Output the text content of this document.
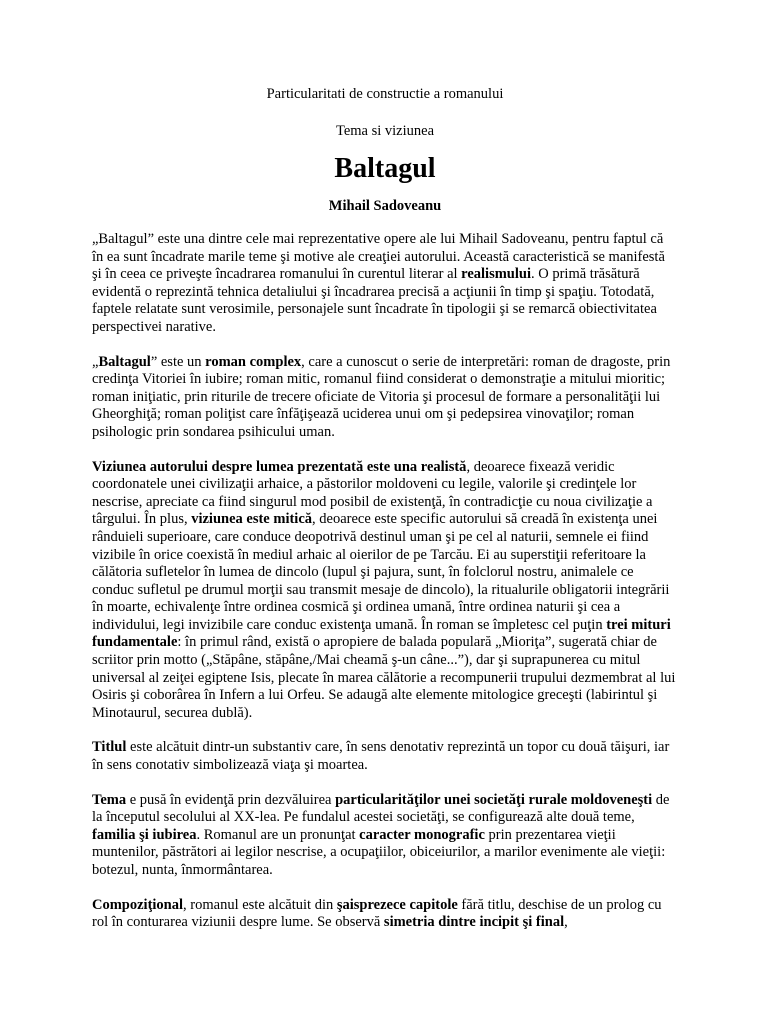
Particularitati de constructie a romanului
Tema si viziunea
Baltagul
Mihail Sadoveanu
„Baltagul” este una dintre cele mai reprezentative opere ale lui Mihail Sadoveanu, pentru faptul că în ea sunt încadrate marile teme şi motive ale creaţiei autorului. Această caracteristică se manifestă şi în ceea ce priveşte încadrarea romanului în curentul literar al realismului. O primă trăsătură evidentă o reprezintă tehnica detaliului şi încadrarea precisă a acţiunii în timp şi spaţiu. Totodată, faptele relatate sunt verosimile, personajele sunt încadrate în tipologii şi se remarcă obiectivitatea perspectivei narative.
„Baltagul” este un roman complex, care a cunoscut o serie de interpretări: roman de dragoste, prin credinţa Vitoriei în iubire; roman mitic, romanul fiind considerat o demonstraţie a mitului mioritic; roman iniţiatic, prin riturile de trecere oficiate de Vitoria şi procesul de formare a personalităţii lui Gheorghiţă; roman poliţist care înfăţişează uciderea unui om şi pedepsirea vinovaţilor; roman psihologic prin sondarea psihicului uman.
Viziunea autorului despre lumea prezentată este una realistă, deoarece fixează veridic coordonatele unei civilizaţii arhaice, a păstorilor moldoveni cu legile, valorile şi credinţele lor nescrise, apreciate ca fiind singurul mod posibil de existenţă, în contradicţie cu noua civilizaţie a târgului. În plus, viziunea este mitică, deoarece este specific autorului să creadă în existenţa unei rânduieli superioare, care conduce deopotrivă destinul uman şi pe cel al naturii, semnele ei fiind vizibile în orice coexistă în mediul arhaic al oierilor de pe Tarcău. Ei au superstiţii referitoare la călătoria sufletelor în lumea de dincolo (lupul şi pajura, sunt, în folclorul nostru, animalele ce conduc sufletul pe drumul morţii sau transmit mesaje de dincolo), la ritualurile obligatorii integrării în moarte, echivalenţe între ordinea cosmică şi ordinea umană, între ordinea naturii şi cea a individului, legi invizibile care conduc existenţa umană. În roman se împletesc cel puţin trei mituri fundamentale: în primul rând, există o apropiere de balada populară „Mioriţa”, sugerată chiar de scriitor prin motto („Stăpâne, stăpâne,/Mai cheamă ş-un câne...”), dar şi suprapunerea cu mitul universal al zeiţei egiptene Isis, plecate în marea călătorie a recompunerii trupului dezmembrat al lui Osiris şi coborârea în Infern a lui Orfeu. Se adaugă alte elemente mitologice greceşti (labirintul şi Minotaurul, securea dublă).
Titlul este alcătuit dintr-un substantiv care, în sens denotativ reprezintă un topor cu două tăişuri, iar în sens conotativ simbolizează viaţa şi moartea.
Tema e pusă în evidenţă prin dezvăluirea particularităţilor unei societăţi rurale moldoveneşti de la începutul secolului al XX-lea. Pe fundalul acestei societăţi, se configurează alte două teme, familia şi iubirea. Romanul are un pronunţat caracter monografic prin prezentarea vieţii muntenilor, păstrători ai legilor nescrise, a ocupaţiilor, obiceiurilor, a marilor evenimente ale vieţii: botezul, nunta, înmormântarea.
Compoziţional, romanul este alcătuit din şaisprezece capitole fără titlu, deschise de un prolog cu rol în conturarea viziunii despre lume. Se observă simetria dintre incipit şi final,
